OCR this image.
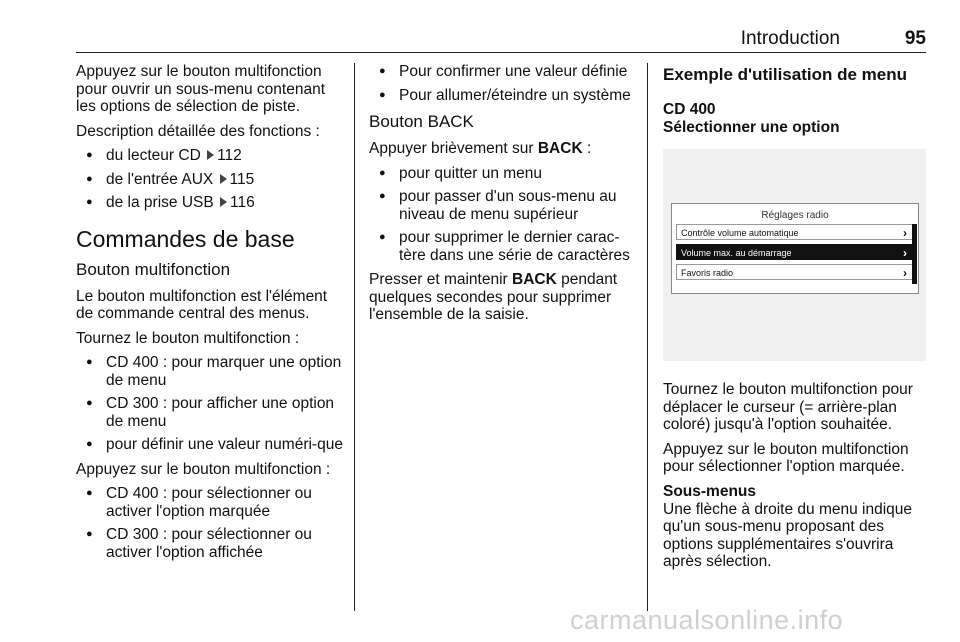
Introduction	95

Appuyez sur le bouton multifonction pour ouvrir un sous-menu contenant les options de sélection de piste.

Description détaillée des fonctions :

● du lecteur CD 112
● de l'entrée AUX 115
● de la prise USB 116
Commandes de base
Bouton multifonction

Le bouton multifonction est l'élément de commande central des menus.

Tournez le bouton multifonction :

● CD 400 : pour marquer une option de menu
● CD 300 : pour afficher une option de menu
● pour définir une valeur numéri-que

Appuyez sur le bouton multifonction :

● CD 400 : pour sélectionner ou activer l'option marquée
● CD 300 : pour sélectionner ou activer l'option affichée
● Pour confirmer une valeur définie
● Pour allumer/éteindre un système
Bouton BACK

Appuyer brièvement sur BACK :

● pour quitter un menu
● pour passer d'un sous-menu au niveau de menu supérieur
● pour supprimer le dernier carac-tère dans une série de caractères

Presser et maintenir BACK pendant quelques secondes pour supprimer l'ensemble de la saisie.

Exemple d'utilisation de menu
CD 400
Sélectionner une option
Réglages radio
Contrôle volume automatique	›
Volume max. au démarrage	›
Favoris radio	›

Tournez le bouton multifonction pour déplacer le curseur (= arrière-plan coloré) jusqu'à l'option souhaitée.

Appuyez sur le bouton multifonction pour sélectionner l'option marquée.

Sous-menus

Une flèche à droite du menu indique qu'un sous-menu proposant des options supplémentaires s'ouvrira après sélection.

carmanualsonline.info
